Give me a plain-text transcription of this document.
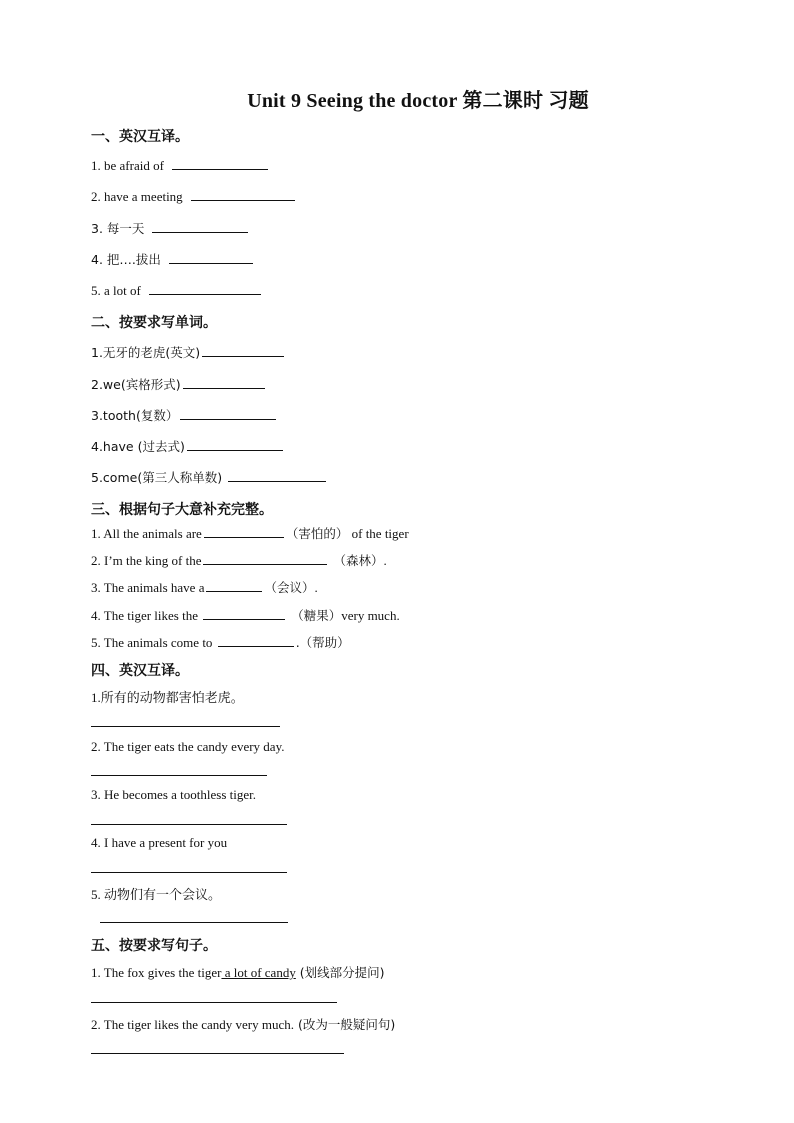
Unit 9 Seeing the doctor 第二课时 习题
一、英汉互译。
1. be afraid of
2. have a meeting
3. 每一天
4. 把….拔出
5. a lot of
二、按要求写单词。
1.无牙的老虎(英文)
2.we(宾格形式)
3.tooth(复数）
4.have (过去式)
5.come(第三人称单数)
三、根据句子大意补充完整。
1. All the animals are	（害怕的） of the tiger
2. I’m the king of the	（森林）.
3. The animals have a	（会议）.
4. The tiger likes the	（糖果）very much.
5. The animals come to	.（帮助）
四、英汉互译。
1.所有的动物都害怕老虎。
2. The tiger eats the candy every day.
3. He becomes a toothless tiger.
4. I have a present for you
5. 动物们有一个会议。
五、按要求写句子。
1. The fox gives the tiger a lot of candy (划线部分提问)
2. The tiger likes the candy very much. (改为一般疑问句)
